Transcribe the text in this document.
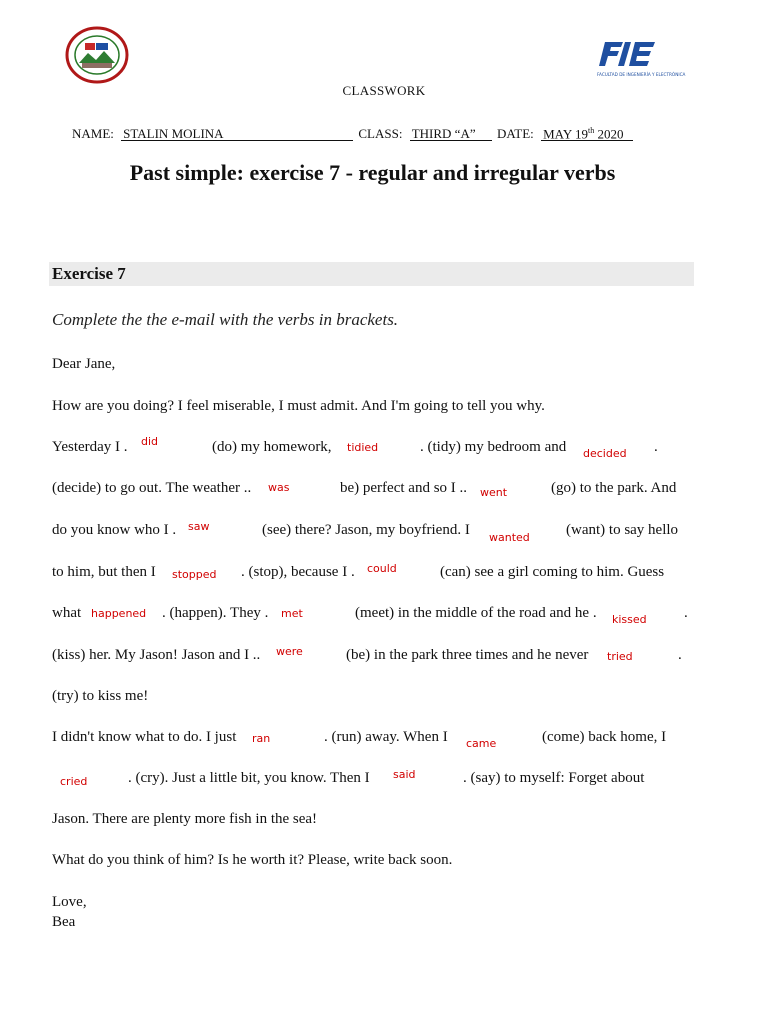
FACULTAD DE INGENIERÍA Y ELECTRÓNICA
CLASSWORK
NAME: STALIN MOLINA	CLASS: THIRD “A” DATE: MAY 19th 2020
Past simple: exercise 7 - regular and irregular verbs
Exercise 7
Complete the the e-mail with the verbs in brackets.
Dear Jane,
How are you doing? I feel miserable, I must admit. And I'm going to tell you why.
Yesterday I .	(do) my homework,	. (tidy) my bedroom and	.
did	tidied	decided
(decide) to go out. The weather ..	be) perfect and so I ..	(go) to the park. And
was	went
do you know who I .	(see) there? Jason, my boyfriend. I	(want) to say hello
saw
wanted
to him, but then I	. (stop), because I .	(can) see a girl coming to him. Guess
stopped	could
what	. (happen). They .	(meet) in the middle of the road and he .	.
happened	met	kissed
(kiss) her. My Jason! Jason and I ..	(be) in the park three times and he never	.
were	tried
(try) to kiss me!
I didn't know what to do. I just	. (run) away. When I	(come) back home, I
ran	came
. (cry). Just a little bit, you know. Then I	. (say) to myself: Forget about
cried
said
Jason. There are plenty more fish in the sea!
What do you think of him? Is he worth it? Please, write back soon.
Love,
Bea
